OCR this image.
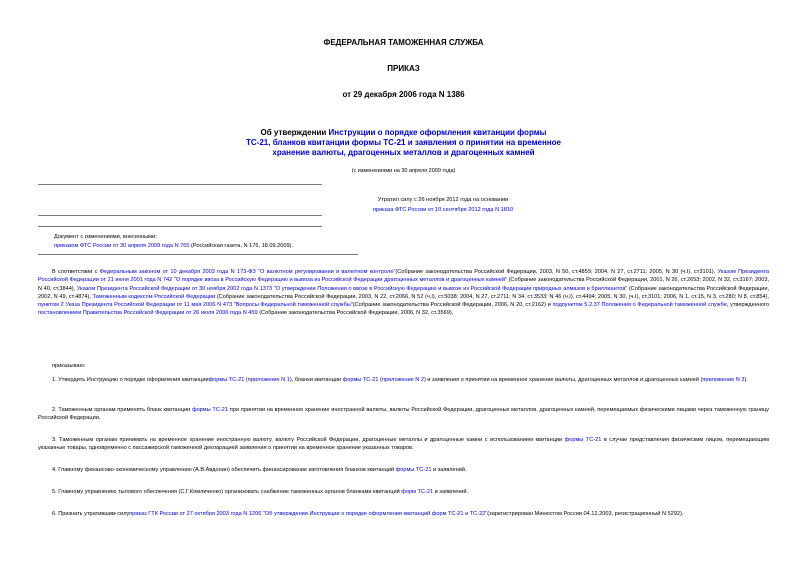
ФЕДЕРАЛЬНАЯ ТАМОЖЕННАЯ СЛУЖБА
ПРИКАЗ
от 29 декабря 2006 года N 1386
Об утверждении Инструкции о порядке оформления квитанции формы
ТС-21, бланков квитанции формы ТС-21 и заявления о принятии на временное
хранение валюты, драгоценных металлов и драгоценных камней
(с изменениями на 30 апреля 2009 года)
Утратил силу с 26 ноября 2012 года на основании
приказа ФТС России от 10 сентября 2012 года N 1810
Документ с изменениями, внесенными:
приказом ФТС России от 30 апреля 2009 года N 765 (Российская газета, N 176, 18.09.2009).
В соответствии с Федеральным законом от 10 декабря 2003 года N 173-ФЗ "О валютном регулировании и валютном контроле"(Собрание законодательства Российской Федерации, 2003, N 50, ст.4859; 2004, N 27, ст.2711; 2005, N 30 (ч.I), ст3101), Указом Президента Российской Федерации от 21 июня 2001 года N 742 "О порядке ввоза в Российскую Федерацию и вывоза из Российской Федерации драгоценных металлов и драгоценных камней" (Собрание законодательства Российской Федерации, 2001, N 26, ст.2653; 2002, N 32, ст.3167; 2003, N 40, ст.3844), Указом Президента Российской Федерации от 30 ноября 2002 года N 1373 "О утверждении Положения о ввозе в Российскую Федерацию и вывозе из Российской Федерации природных алмазов и бриллиантов" (Собрание законодательства Российской Федерации, 2002, N 49, ст.4874), Таможенным кодексом Российской Федерации (Собрание законодательства Российской Федерации, 2003, N 22, ст.2066, N 52 (ч.I), ст.5038; 2004, N 27, ст.2711; N 34, ст.3533; N 46 (ч.I), ст.4494; 2005, N 30, (ч.I), ст.3101; 2006, N 1, ст.15, N 3, ст.280; N 8, ст.854), пунктом 2 Указа Президента Российской Федерации от 11 мая 2006 N 473 "Вопросы Федеральной таможенной службы"(Собрание законодательства Российской Федерации, 2006, N 20, ст.2162) и подпунктом 5.2.37 Положения о Федеральной таможенной службе, утвержденного постановлением Правительства Российской Федерации от 26 июля 2006 года N 459 (Собрание законодательства Российской Федерации, 2006, N 32, ст.3569),
приказываю:
1. Утвердить Инструкцию о порядке оформления квитанцииформы ТС-21 (приложение N 1), бланки квитанции формы ТС-21 (приложение N 2) и заявления о принятии на временное хранение валюты, драгоценных металлов и драгоценных камней (приложение N 3).
2. Таможенным органам применять бланк квитанции формы ТС-21 при принятии на временное хранение иностранной валюты, валюты Российской Федерации, драгоценных металлов, драгоценных камней, перемещаемых физическими лицами через таможенную границу Российской Федерации.
3. Таможенным органам принимать на временное хранение иностранную валюту, валюту Российской Федерации, драгоценные металлы и драгоценные камни с использованием квитанции формы ТС-21 в случае представления физическим лицом, перемещающим указанные товары, одновременно с пассажирской таможенной декларацией заявления о принятии на временное хранение указанных товаров.
4. Главному финансово-экономическому управлению (А.В.Авдонин) обеспечить финансирование изготовления бланков квитанций формы ТС-21 и заявлений.
5. Главному управлению тылового обеспечения (С.Г.Комличенко) организовать снабжение таможенных органов бланками квитанций форм ТС-21 и заявлений.
6. Признать утратившим силуприказ ГТК России от 27 октября 2003 года N 1206 "Об утверждении Инструкции о порядке оформления квитанций форм ТС-21 и ТС-22"(зарегистрирован Минюстом России 04.12.2003, регистрационный N 5292).
